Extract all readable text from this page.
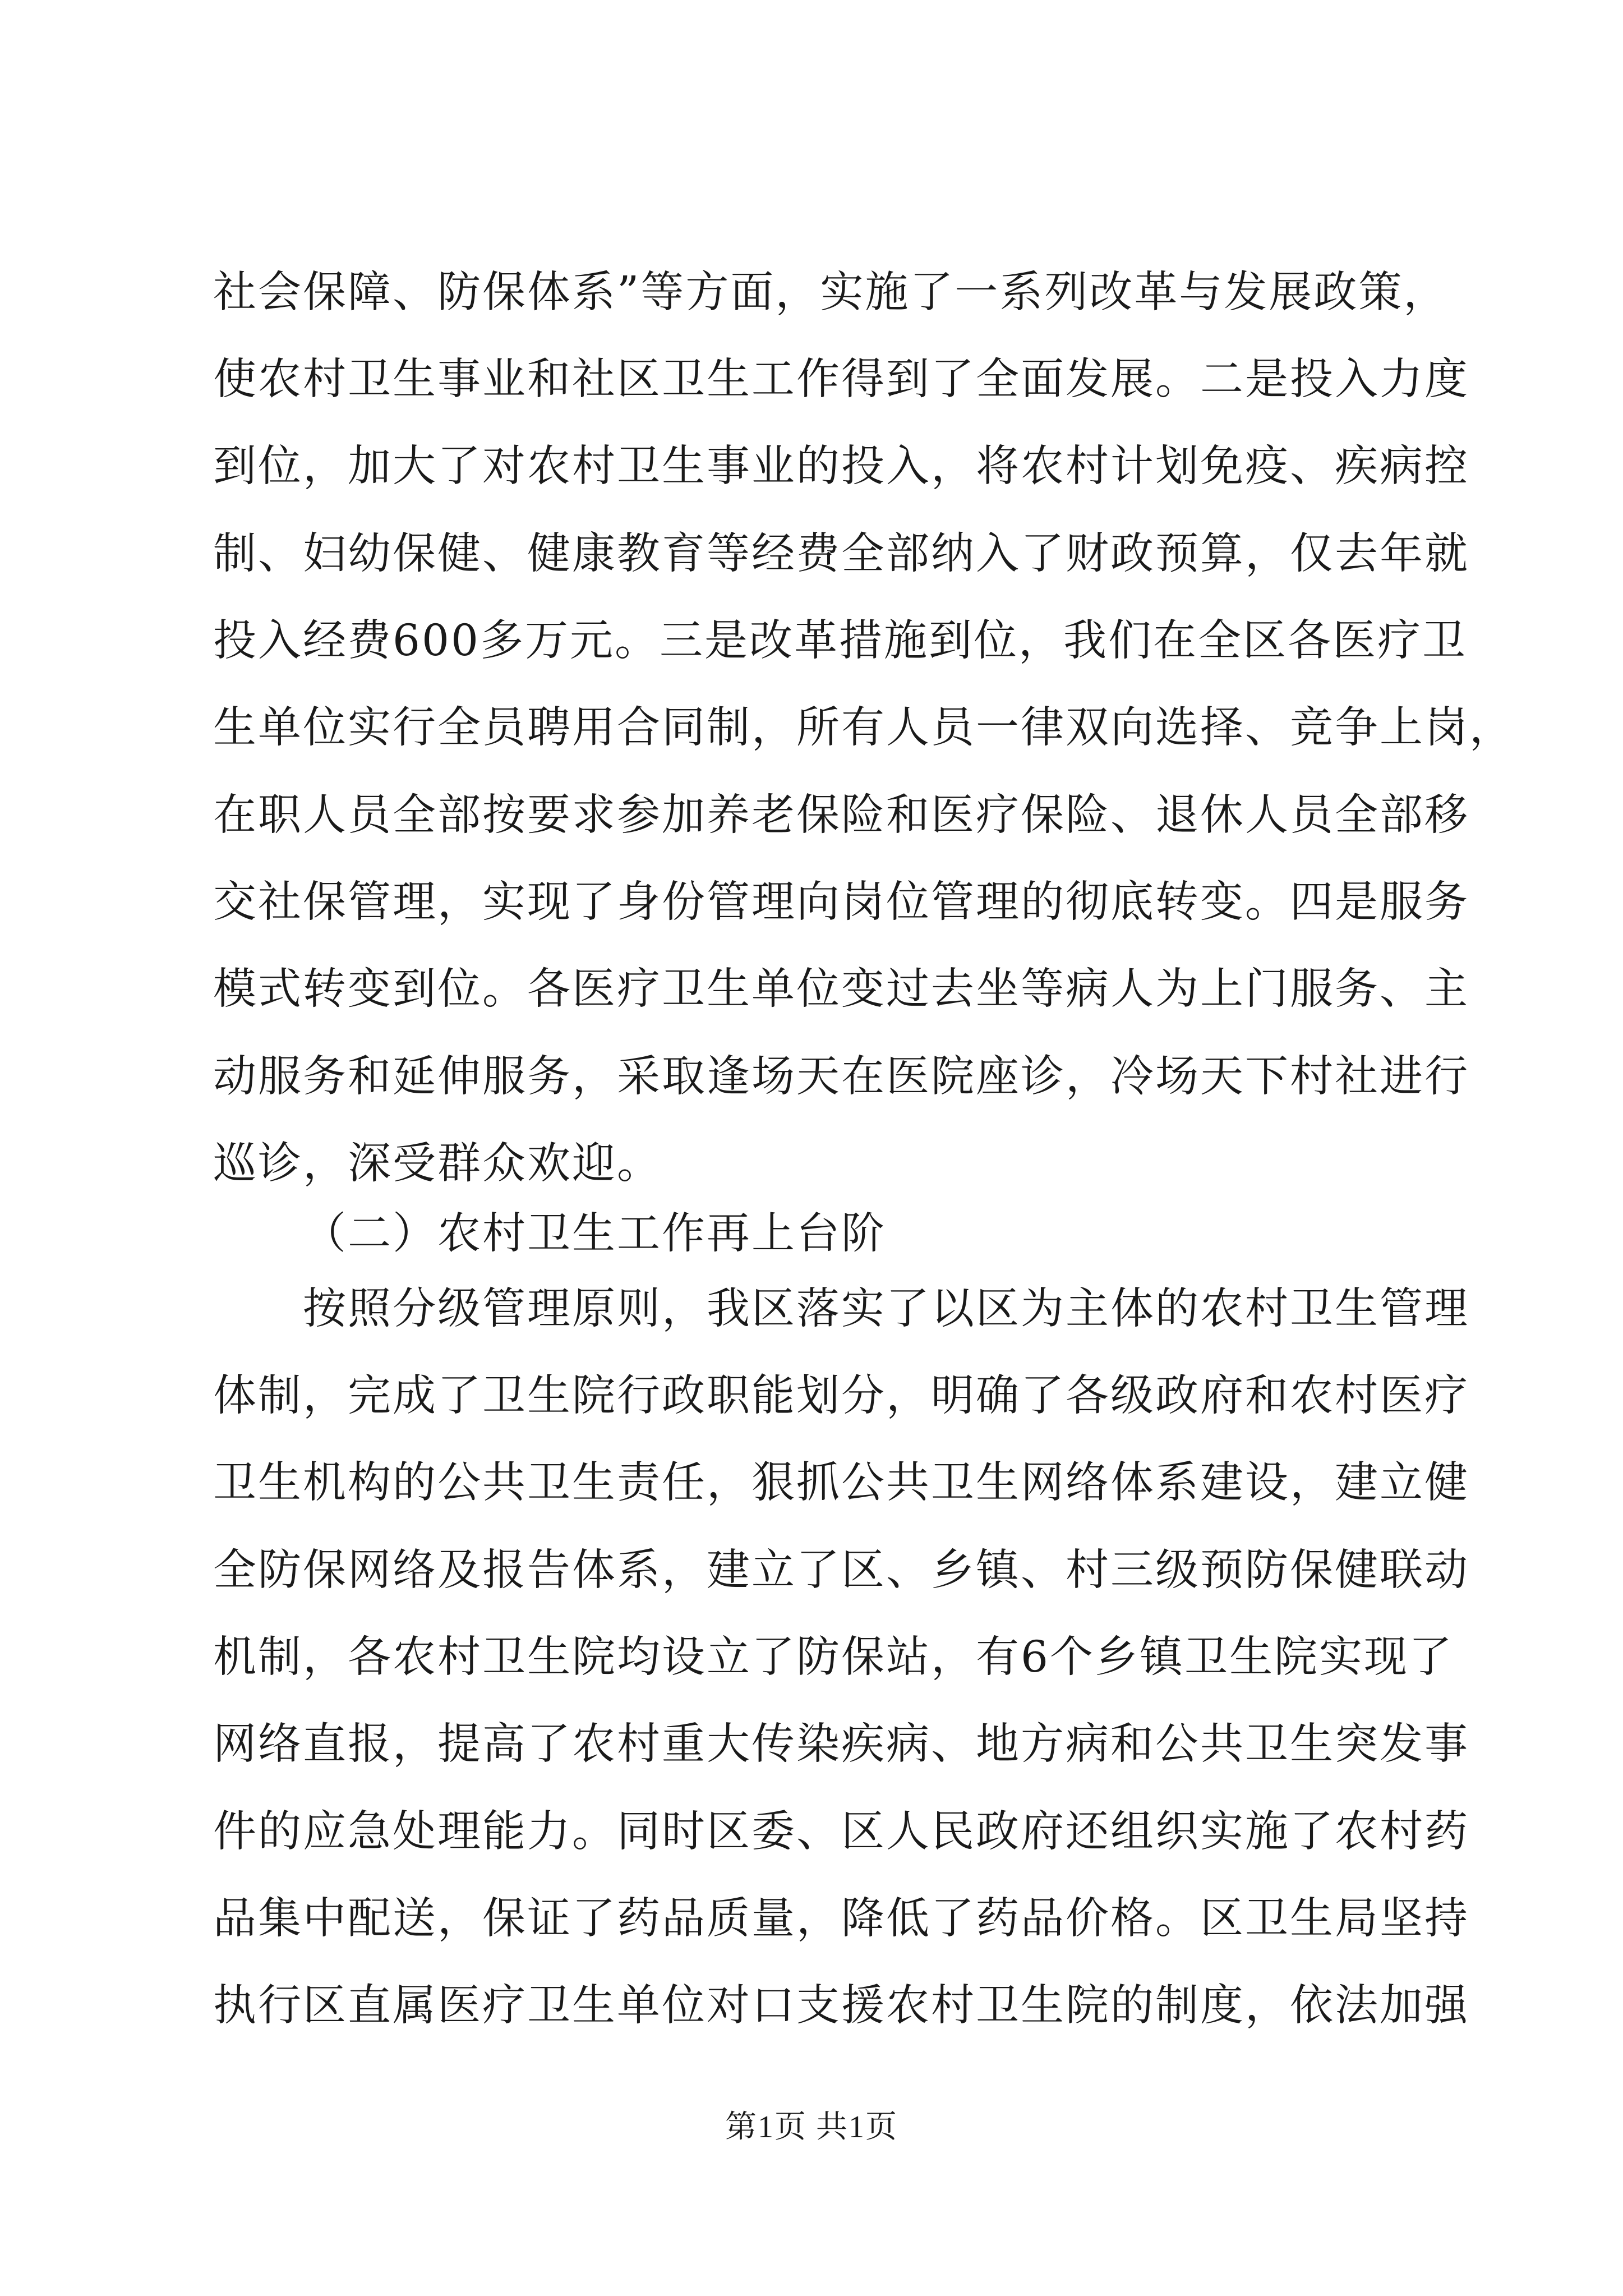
社会保障、防保体系”等方面，实施了一系列改革与发展政策，
使农村卫生事业和社区卫生工作得到了全面发展。二是投入力度
到位，加大了对农村卫生事业的投入，将农村计划免疫、疾病控
制、妇幼保健、健康教育等经费全部纳入了财政预算，仅去年就
投入经费600多万元。三是改革措施到位，我们在全区各医疗卫
生单位实行全员聘用合同制，所有人员一律双向选择、竞争上岗，
在职人员全部按要求参加养老保险和医疗保险、退休人员全部移
交社保管理，实现了身份管理向岗位管理的彻底转变。四是服务
模式转变到位。各医疗卫生单位变过去坐等病人为上门服务、主
动服务和延伸服务，采取逢场天在医院座诊，冷场天下村社进行
巡诊，深受群众欢迎。
（二）农村卫生工作再上台阶
按照分级管理原则，我区落实了以区为主体的农村卫生管理
体制，完成了卫生院行政职能划分，明确了各级政府和农村医疗
卫生机构的公共卫生责任，狠抓公共卫生网络体系建设，建立健
全防保网络及报告体系，建立了区、乡镇、村三级预防保健联动
机制，各农村卫生院均设立了防保站，有6个乡镇卫生院实现了
网络直报，提高了农村重大传染疾病、地方病和公共卫生突发事
件的应急处理能力。同时区委、区人民政府还组织实施了农村药
品集中配送，保证了药品质量，降低了药品价格。区卫生局坚持
执行区直属医疗卫生单位对口支援农村卫生院的制度，依法加强
第1页 共1页
